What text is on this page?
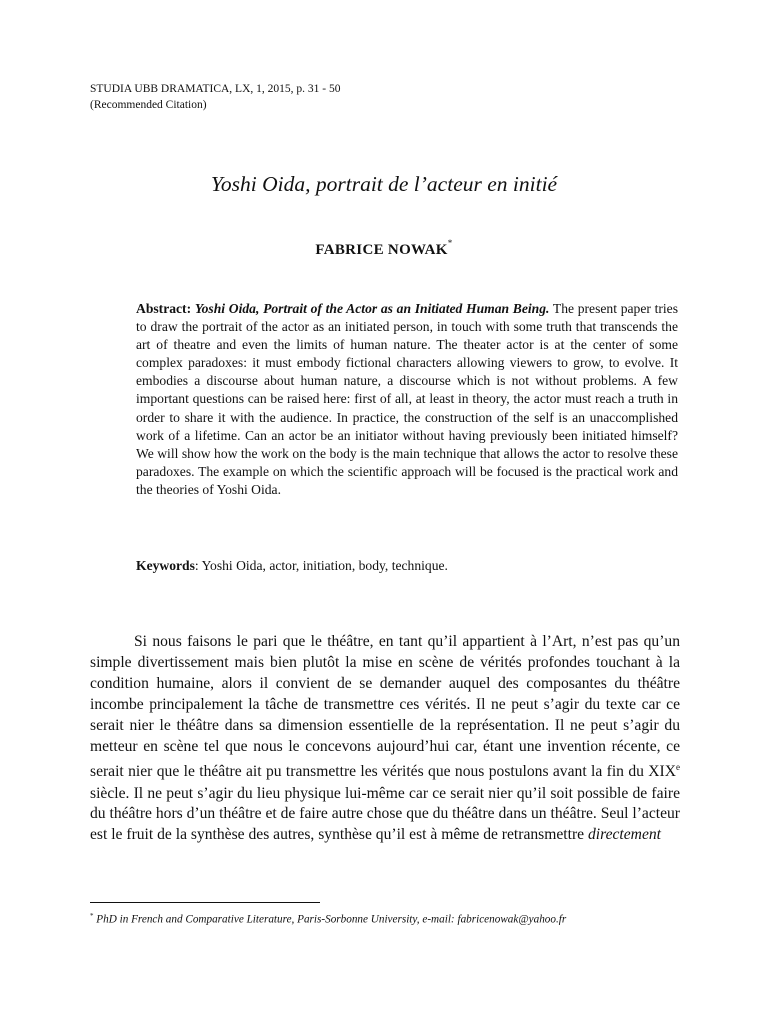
STUDIA UBB DRAMATICA, LX, 1, 2015, p. 31 - 50
(Recommended Citation)
Yoshi Oida, portrait de l’acteur en initié
FABRICE NOWAK*
Abstract: Yoshi Oida, Portrait of the Actor as an Initiated Human Being. The present paper tries to draw the portrait of the actor as an initiated person, in touch with some truth that transcends the art of theatre and even the limits of human nature. The theater actor is at the center of some complex paradoxes: it must embody fictional characters allowing viewers to grow, to evolve. It embodies a discourse about human nature, a discourse which is not without problems. A few important questions can be raised here: first of all, at least in theory, the actor must reach a truth in order to share it with the audience. In practice, the construction of the self is an unaccomplished work of a lifetime. Can an actor be an initiator without having previously been initiated himself? We will show how the work on the body is the main technique that allows the actor to resolve these paradoxes. The example on which the scientific approach will be focused is the practical work and the theories of Yoshi Oida.
Keywords: Yoshi Oida, actor, initiation, body, technique.
Si nous faisons le pari que le théâtre, en tant qu’il appartient à l’Art, n’est pas qu’un simple divertissement mais bien plutôt la mise en scène de vérités profondes touchant à la condition humaine, alors il convient de se demander auquel des composantes du théâtre incombe principalement la tâche de transmettre ces vérités. Il ne peut s’agir du texte car ce serait nier le théâtre dans sa dimension essentielle de la représentation. Il ne peut s’agir du metteur en scène tel que nous le concevons aujourd’hui car, étant une invention récente, ce serait nier que le théâtre ait pu transmettre les vérités que nous postulons avant la fin du XIXe siècle. Il ne peut s’agir du lieu physique lui-même car ce serait nier qu’il soit possible de faire du théâtre hors d’un théâtre et de faire autre chose que du théâtre dans un théâtre. Seul l’acteur est le fruit de la synthèse des autres, synthèse qu’il est à même de retransmettre directement
* PhD in French and Comparative Literature, Paris-Sorbonne University, e-mail: fabricenowak@yahoo.fr
